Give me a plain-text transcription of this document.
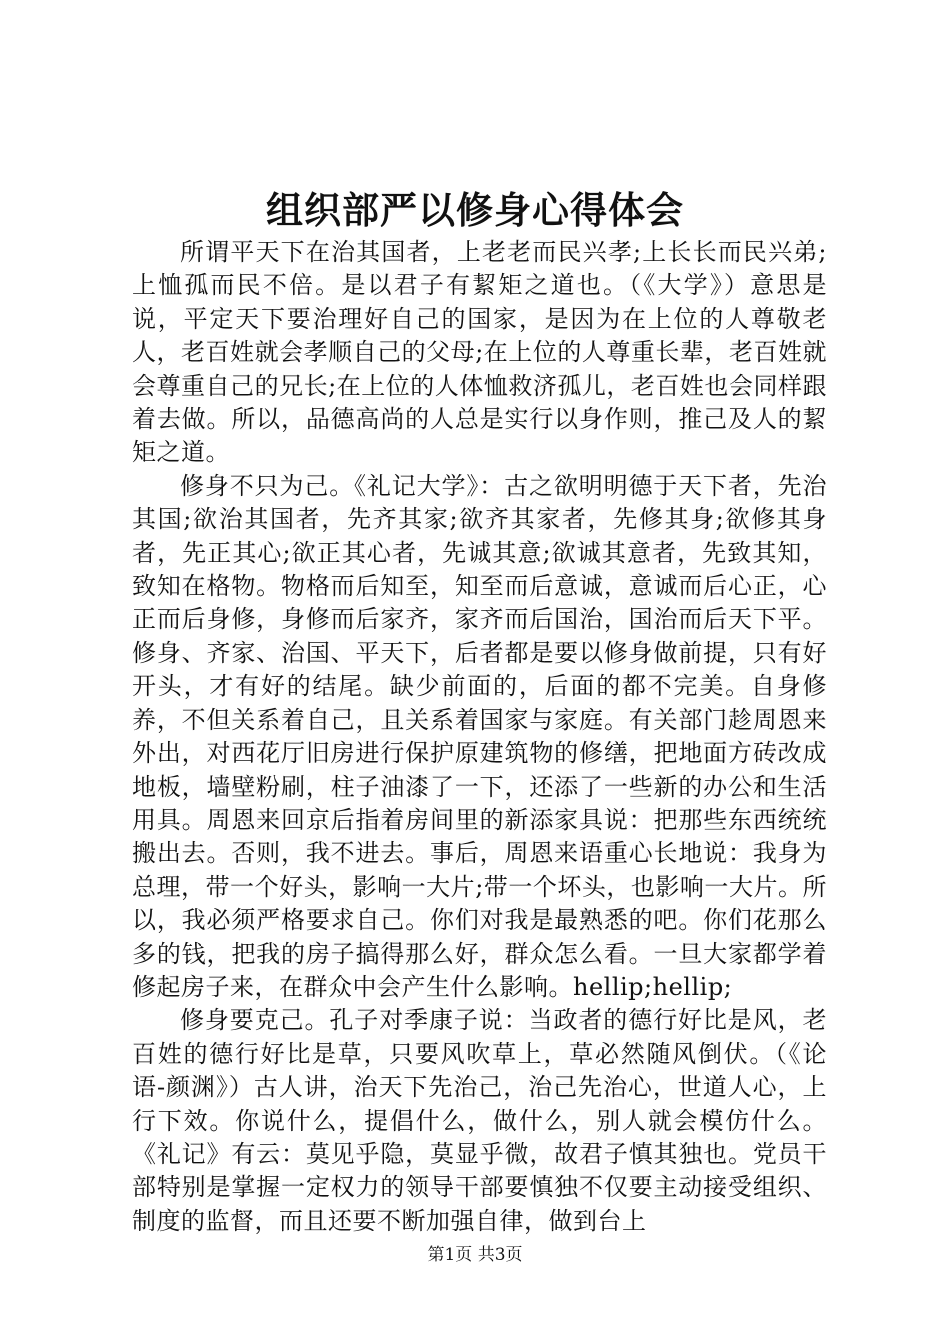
组织部严以修身心得体会

所谓平天下在治其国者，上老老而民兴孝;上长长而民兴弟;上恤孤而民不倍。是以君子有絜矩之道也。（《大学》）意思是说，平定天下要治理好自己的国家，是因为在上位的人尊敬老人，老百姓就会孝顺自己的父母;在上位的人尊重长辈，老百姓就会尊重自己的兄长;在上位的人体恤救济孤儿，老百姓也会同样跟着去做。所以，品德高尚的人总是实行以身作则，推己及人的絜矩之道。

修身不只为己。《礼记大学》：古之欲明明德于天下者，先治其国;欲治其国者，先齐其家;欲齐其家者，先修其身;欲修其身者，先正其心;欲正其心者，先诚其意;欲诚其意者，先致其知，致知在格物。物格而后知至，知至而后意诚，意诚而后心正，心正而后身修，身修而后家齐，家齐而后国治，国治而后天下平。修身、齐家、治国、平天下，后者都是要以修身做前提，只有好开头，才有好的结尾。缺少前面的，后面的都不完美。自身修养，不但关系着自己，且关系着国家与家庭。有关部门趁周恩来外出，对西花厅旧房进行保护原建筑物的修缮，把地面方砖改成地板，墙壁粉刷，柱子油漆了一下，还添了一些新的办公和生活用具。周恩来回京后指着房间里的新添家具说：把那些东西统统搬出去。否则，我不进去。事后，周恩来语重心长地说：我身为总理，带一个好头，影响一大片;带一个坏头，也影响一大片。所以，我必须严格要求自己。你们对我是最熟悉的吧。你们花那么多的钱，把我的房子搞得那么好，群众怎么看。一旦大家都学着修起房子来，在群众中会产生什么影响。hellip;hellip;

修身要克己。孔子对季康子说：当政者的德行好比是风，老百姓的德行好比是草，只要风吹草上，草必然随风倒伏。（《论语-颜渊》）古人讲，治天下先治己，治己先治心，世道人心，上行下效。你说什么，提倡什么，做什么，别人就会模仿什么。《礼记》有云：莫见乎隐，莫显乎微，故君子慎其独也。党员干部特别是掌握一定权力的领导干部要慎独不仅要主动接受组织、制度的监督，而且还要不断加强自律，做到台上

第1页 共3页
